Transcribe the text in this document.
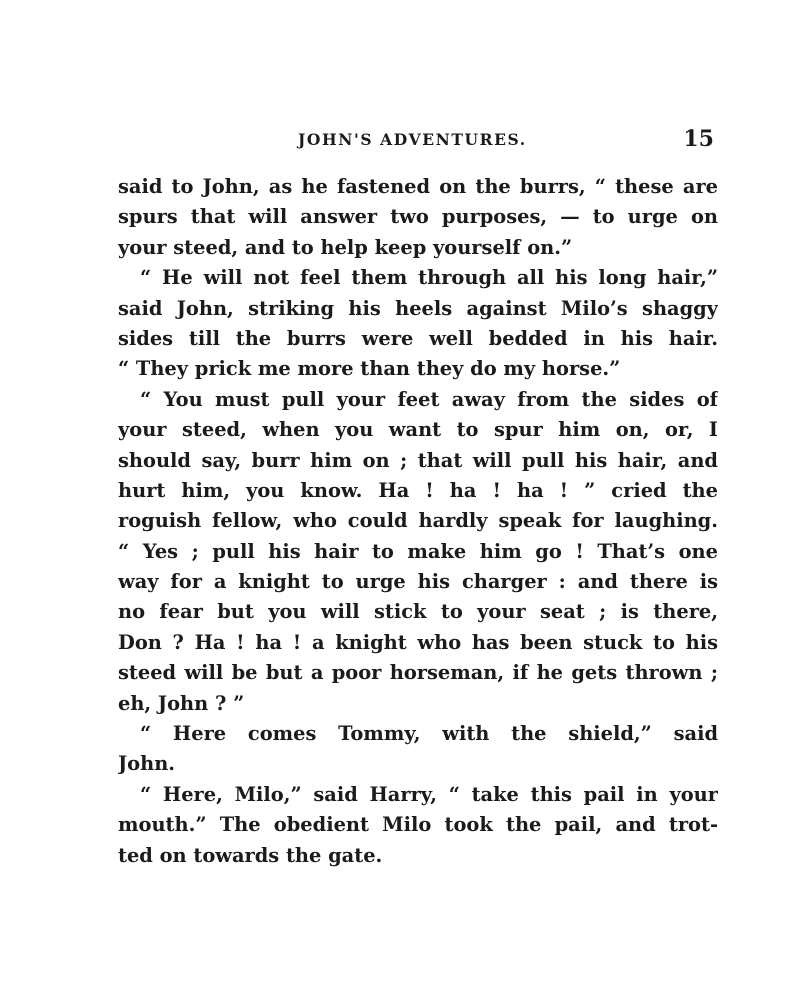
JOHN'S ADVENTURES.	15
said to John, as he fastened on the burrs, “ these are
spurs that will answer two purposes, — to urge on
your steed, and to help keep yourself on.”
“ He will not feel them through all his long hair,”
said John, striking his heels against Milo’s shaggy
sides till the burrs were well bedded in his hair.
“ They prick me more than they do my horse.”
“ You must pull your feet away from the sides of
your steed, when you want to spur him on, or, I
should say, burr him on ; that will pull his hair, and
hurt him, you know. Ha ! ha ! ha ! ” cried the
roguish fellow, who could hardly speak for laughing.
“ Yes ; pull his hair to make him go ! That’s one
way for a knight to urge his charger : and there is
no fear but you will stick to your seat ; is there,
Don ? Ha ! ha ! a knight who has been stuck to his
steed will be but a poor horseman, if he gets thrown ;
eh, John ? ”
“ Here comes Tommy, with the shield,” said
John.
“ Here, Milo,” said Harry, “ take this pail in your
mouth.” The obedient Milo took the pail, and trot-
ted on towards the gate.
